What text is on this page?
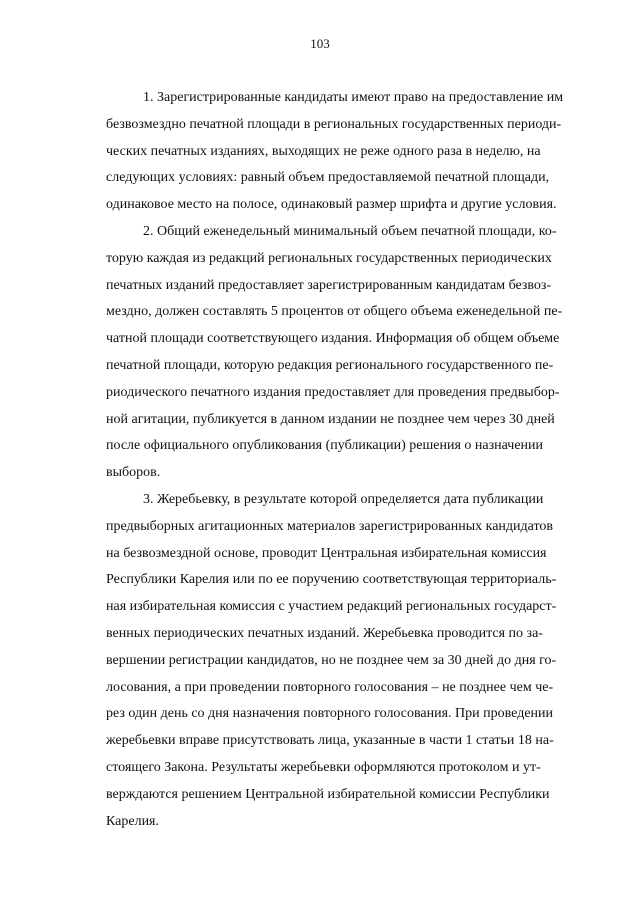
103
1. Зарегистрированные кандидаты имеют право на предоставление им
безвозмездно печатной площади в региональных государственных периоди-
ческих печатных изданиях, выходящих не реже одного раза в неделю, на
следующих условиях: равный объем предоставляемой печатной площади,
одинаковое место на полосе, одинаковый размер шрифта и другие условия.
2. Общий еженедельный минимальный объем печатной площади, ко-
торую каждая из редакций региональных государственных периодических
печатных изданий предоставляет зарегистрированным кандидатам безвоз-
мездно, должен составлять 5 процентов от общего объема еженедельной пе-
чатной площади соответствующего издания. Информация об общем объеме
печатной площади, которую редакция регионального государственного пе-
риодического печатного издания предоставляет для проведения предвыбор-
ной агитации, публикуется в данном издании не позднее чем через 30 дней
после официального опубликования (публикации) решения о назначении
выборов.
3. Жеребьевку, в результате которой определяется дата публикации
предвыборных агитационных материалов зарегистрированных кандидатов
на безвозмездной основе, проводит Центральная избирательная комиссия
Республики Карелия или по ее поручению соответствующая территориаль-
ная избирательная комиссия с участием редакций региональных государст-
венных периодических печатных изданий. Жеребьевка проводится по за-
вершении регистрации кандидатов, но не позднее чем за 30 дней до дня го-
лосования, а при проведении повторного голосования – не позднее чем че-
рез один день со дня назначения повторного голосования. При проведении
жеребьевки вправе присутствовать лица, указанные в части 1 статьи 18 на-
стоящего Закона. Результаты жеребьевки оформляются протоколом и ут-
верждаются решением Центральной избирательной комиссии Республики
Карелия.
